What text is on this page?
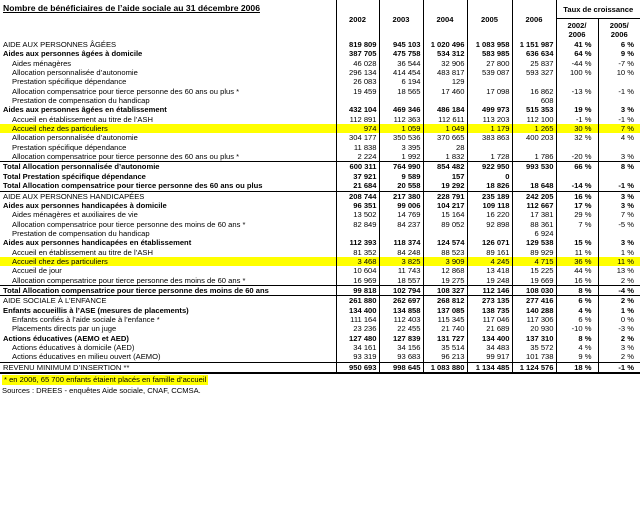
Nombre de bénéficiaires de l’aide sociale au 31 décembre 2006	2002	2003	2004	2005	2006	Taux de croissance	
						2002/ 2006	2005/ 2006

AIDE AUX PERSONNES ÂGÉES	819 809	945 103	1 020 496	1 083 958	1 151 987	41 %	6 %
Aides aux personnes âgées à domicile	387 705	475 758	534 312	583 985	636 634	64 %	9 %
Aides ménagères	46 028	36 544	32 906	27 800	25 837	-44 %	-7 %
Allocation personnalisée d’autonomie	296 134	414 454	483 817	539 087	593 327	100 %	10 %
Prestation spécifique dépendance	26 083	6 194	129				
Allocation compensatrice pour tierce personne des 60 ans ou plus *	19 459	18 565	17 460	17 098	16 862	-13 %	-1 %
Prestation de compensation du handicap					608		
Aides aux personnes âgées en établissement	432 104	469 346	486 184	499 973	515 353	19 %	3 %
Accueil en établissement au titre de l’ASH	112 891	112 363	112 611	113 203	112 100	-1 %	-1 %
Accueil chez des particuliers	974	1 059	1 049	1 179	1 265	30 %	7 %
Allocation personnalisée d’autonomie	304 177	350 536	370 665	383 863	400 203	32 %	4 %
Prestation spécifique dépendance	11 838	3 395	28				
Allocation compensatrice pour tierce personne des 60 ans ou plus *	2 224	1 992	1 832	1 728	1 786	-20 %	3 %
Total Allocation personnalisée d’autonomie	600 311	764 990	854 482	922 950	993 530	66 %	8 %
Total Prestation spécifique dépendance	37 921	9 589	157	0			
Total Allocation compensatrice pour tierce personne des 60 ans ou plus	21 684	20 558	19 292	18 826	18 648	-14 %	-1 %
AIDE AUX PERSONNES HANDICAPÉES	208 744	217 380	228 791	235 189	242 205	16 %	3 %
Aides aux personnes handicapées à domicile	96 351	99 006	104 217	109 118	112 667	17 %	3 %
Aides ménagères et auxiliaires de vie	13 502	14 769	15 164	16 220	17 381	29 %	7 %
Allocation compensatrice pour tierce personne des moins de 60 ans *	82 849	84 237	89 052	92 898	88 361	7 %	-5 %
Prestation de compensation du handicap					6 924		
Aides aux personnes handicapées en établissement	112 393	118 374	124 574	126 071	129 538	15 %	3 %
Accueil en établissement au titre de l’ASH	81 352	84 248	88 523	89 161	89 929	11 %	1 %
Accueil chez des particuliers	3 468	3 825	3 909	4 245	4 715	36 %	11 %
Accueil de jour	10 604	11 743	12 868	13 418	15 225	44 %	13 %
Allocation compensatrice pour tierce personne des moins de 60 ans *	16 969	18 557	19 275	19 248	19 669	16 %	2 %
Total Allocation compensatrice pour tierce personne des moins de 60 ans	99 818	102 794	108 327	112 146	108 030	8 %	-4 %
AIDE SOCIALE À L’ENFANCE	261 880	262 697	268 812	273 135	277 416	6 %	2 %
Enfants accueillis à l’ASE (mesures de placements)	134 400	134 858	137 085	138 735	140 288	4 %	1 %
Enfants confiés à l’aide sociale à l’enfance *	111 164	112 403	115 345	117 046	117 306	6 %	0 %
Placements directs par un juge	23 236	22 455	21 740	21 689	20 930	-10 %	-3 %
Actions éducatives (AEMO et AED)	127 480	127 839	131 727	134 400	137 310	8 %	2 %
Actions éducatives à domicile (AED)	34 161	34 156	35 514	34 483	35 572	4 %	3 %
Actions éducatives en milieu ouvert (AEMO)	93 319	93 683	96 213	99 917	101 738	9 %	2 %
REVENU MINIMUM D’INSERTION **	950 693	998 645	1 083 880	1 134 485	1 124 576	18 %	-1 %
* en 2006, 65 700 enfants étaient placés en famille d’accueil
Sources : DREES - enquêtes Aide sociale, CNAF, CCMSA.
